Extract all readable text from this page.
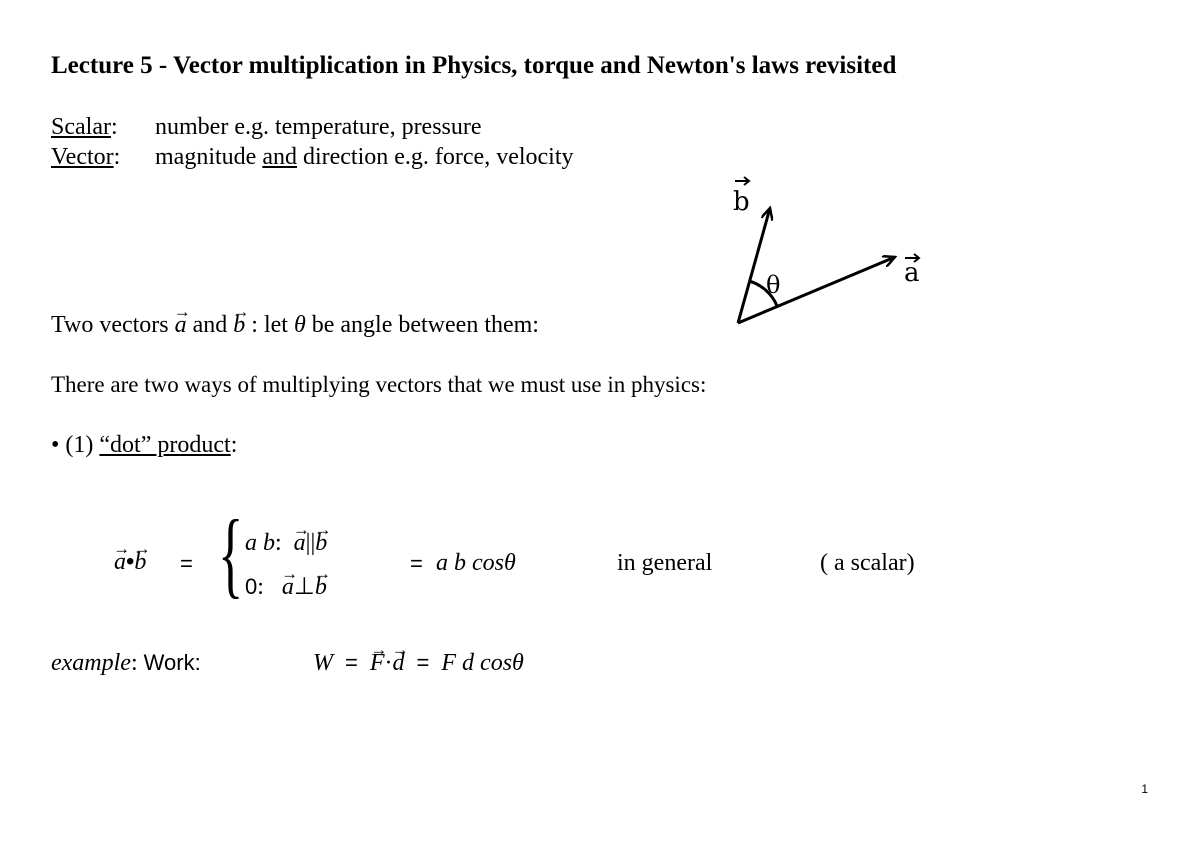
Lecture 5 - Vector multiplication in Physics, torque and Newton's laws revisited
Scalar: number e.g. temperature, pressure
Vector: magnitude and direction e.g. force, velocity
θ
b
a
Two vectors → a and → b : let θ be angle between them:
There are two ways of multiplying vectors that we must use in physics:
• (1) “dot” product:
→ a•→ b = { a b: → a||→ b
0: → a⊥→ b
= a b cosθ	in general	( a scalar)
example: Work:	W = → F·→ d = F d cosθ
1
